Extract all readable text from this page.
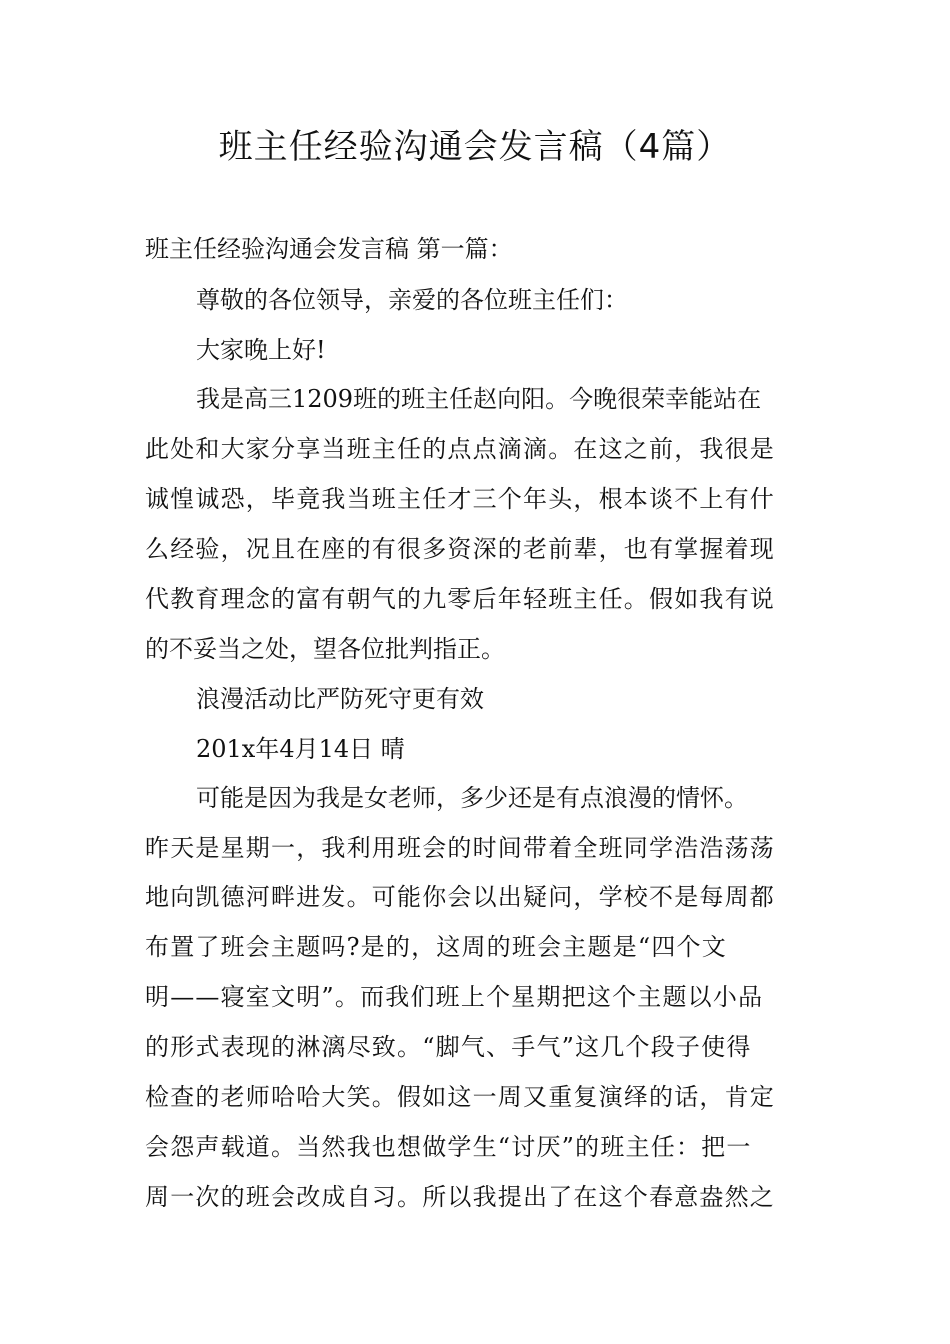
班主任经验沟通会发言稿（4篇）
班主任经验沟通会发言稿 第一篇：
尊敬的各位领导，亲爱的各位班主任们：
大家晚上好!
我是高三1209班的班主任赵向阳。今晚很荣幸能站在
此处和大家分享当班主任的点点滴滴。在这之前，我很是
诚惶诚恐，毕竟我当班主任才三个年头，根本谈不上有什
么经验，况且在座的有很多资深的老前辈，也有掌握着现
代教育理念的富有朝气的九零后年轻班主任。假如我有说
的不妥当之处，望各位批判指正。
浪漫活动比严防死守更有效
201x年4月14日 晴
可能是因为我是女老师，多少还是有点浪漫的情怀。
昨天是星期一，我利用班会的时间带着全班同学浩浩荡荡
地向凯德河畔进发。可能你会以出疑问，学校不是每周都
布置了班会主题吗?是的，这周的班会主题是“四个文
明——寝室文明”。而我们班上个星期把这个主题以小品
的形式表现的淋漓尽致。“脚气、手气”这几个段子使得
检查的老师哈哈大笑。假如这一周又重复演绎的话，肯定
会怨声载道。当然我也想做学生“讨厌”的班主任：把一
周一次的班会改成自习。所以我提出了在这个春意盎然之
